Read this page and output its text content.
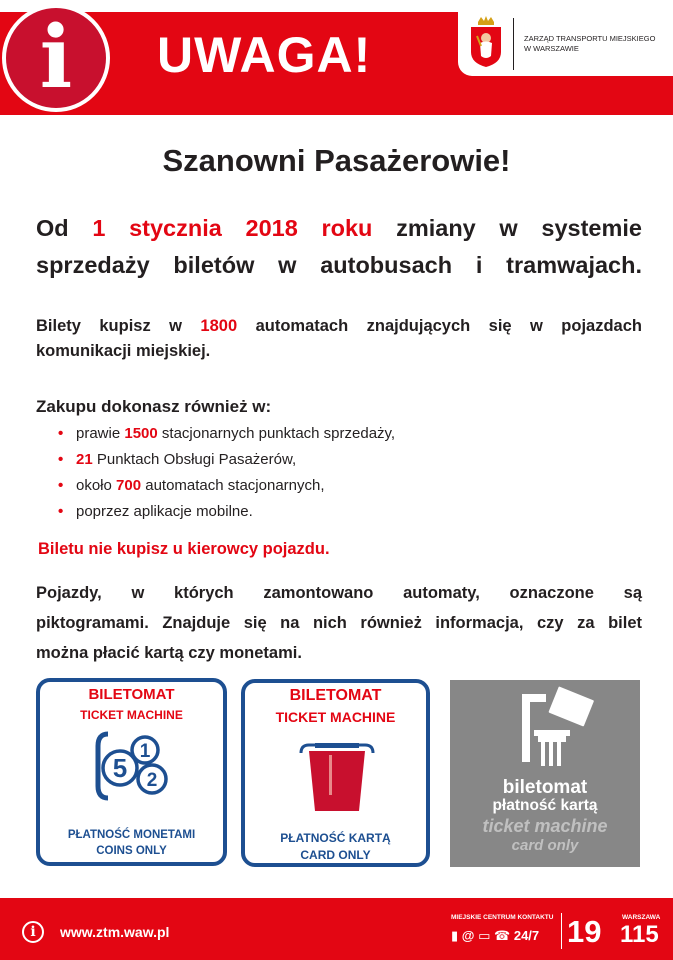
i UWAGA!	ZARZĄD TRANSPORTU MIEJSKIEGO W WARSZAWIE
Szanowni Pasażerowie!
Od 1 stycznia 2018 roku zmiany w systemie
sprzedaży biletów w autobusach i tramwajach.
Bilety kupisz w 1800 automatach znajdujących się w pojazdach
komunikacji miejskiej.
Zakupu dokonasz również w:
• prawie 1500 stacjonarnych punktach sprzedaży,
• 21 Punktach Obsługi Pasażerów,
• około 700 automatach stacjonarnych,
• poprzez aplikacje mobilne.
Biletu nie kupisz u kierowcy pojazdu.
Pojazdy, w których zamontowano automaty, oznaczone są
piktogramami. Znajduje się na nich również informacja, czy za bilet
można płacić kartą czy monetami.
BILETOMAT
TICKET MACHINE
5
1
2
PŁATNOŚĆ MONETAMI
COINS ONLY
BILETOMAT
TICKET MACHINE
PŁATNOŚĆ KARTĄ
CARD ONLY
biletomat
płatność kartą
ticket machine
card only
i	www.ztm.waw.pl
MIEJSKIE CENTRUM KONTAKTU
▮ @ ▭ ☎ 24/7 19	WARSZAWA
115
